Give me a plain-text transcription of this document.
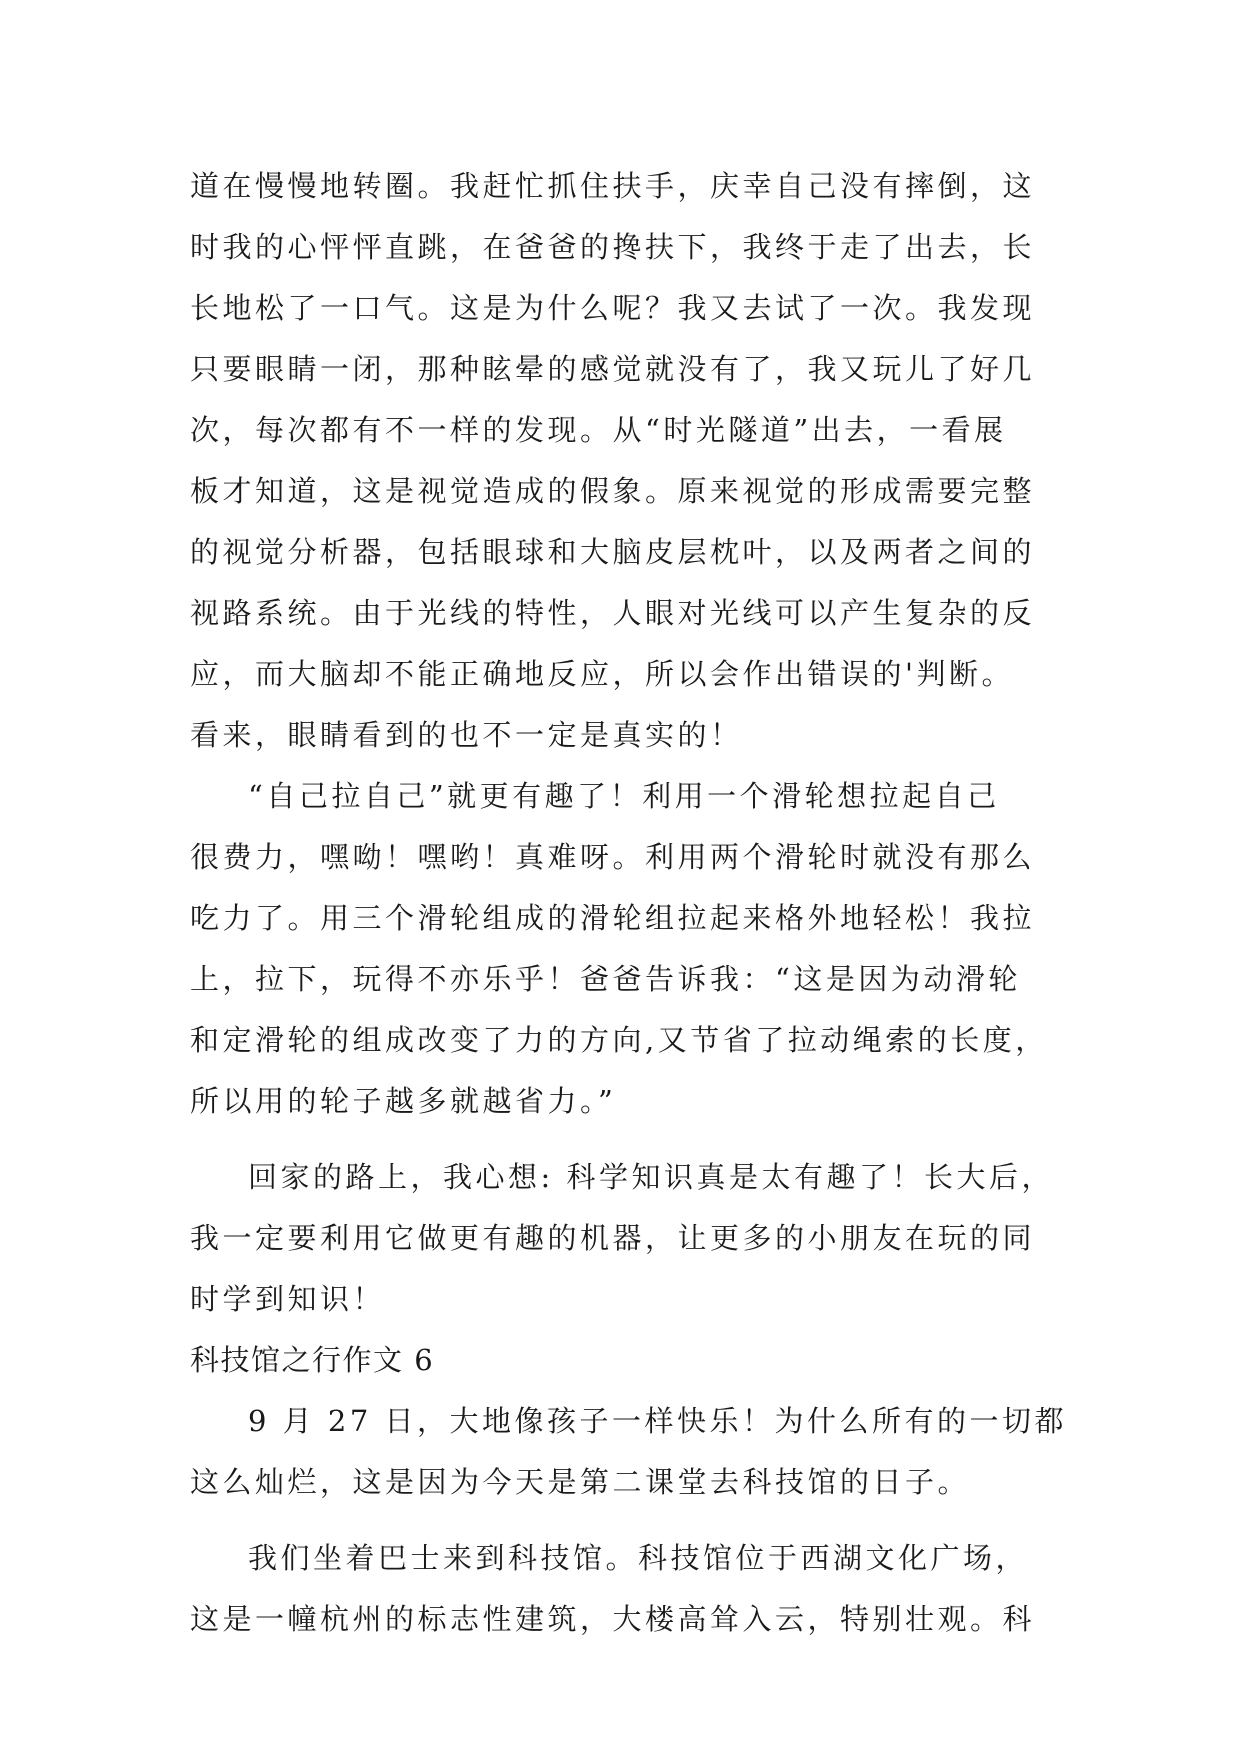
道在慢慢地转圈。我赶忙抓住扶手，庆幸自己没有摔倒，这
时我的心怦怦直跳，在爸爸的搀扶下，我终于走了出去，长
长地松了一口气。这是为什么呢？我又去试了一次。我发现
只要眼睛一闭，那种眩晕的感觉就没有了，我又玩儿了好几
次，每次都有不一样的发现。从“时光隧道”出去，一看展
板才知道，这是视觉造成的假象。原来视觉的形成需要完整
的视觉分析器，包括眼球和大脑皮层枕叶，以及两者之间的
视路系统。由于光线的特性，人眼对光线可以产生复杂的反
应，而大脑却不能正确地反应，所以会作出错误的'判断。
看来，眼睛看到的也不一定是真实的！
“自己拉自己”就更有趣了！利用一个滑轮想拉起自己
很费力，嘿呦！嘿哟！真难呀。利用两个滑轮时就没有那么
吃力了。用三个滑轮组成的滑轮组拉起来格外地轻松！我拉
上，拉下，玩得不亦乐乎！爸爸告诉我：“这是因为动滑轮
和定滑轮的组成改变了力的方向,又节省了拉动绳索的长度，
所以用的轮子越多就越省力。”
回家的路上，我心想: 科学知识真是太有趣了！长大后，
我一定要利用它做更有趣的机器，让更多的小朋友在玩的同
时学到知识！
科技馆之行作文 6
9 月 27 日，大地像孩子一样快乐！为什么所有的一切都
这么灿烂，这是因为今天是第二课堂去科技馆的日子。
我们坐着巴士来到科技馆。科技馆位于西湖文化广场，
这是一幢杭州的标志性建筑，大楼高耸入云，特别壮观。科
